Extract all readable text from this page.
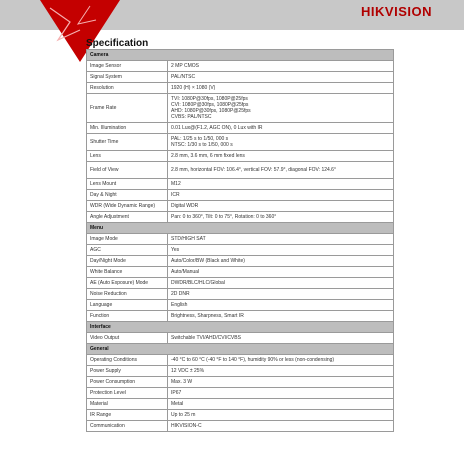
HIKVISION
Specification
Camera	
Image Sensor	2 MP CMOS
Signal System	PAL/NTSC
Resolution	1920 (H) × 1080 (V)
Frame Rate	TVI: 1080P@30fps, 1080P@25fps
CVI: 1080P@30fps, 1080P@25fps
AHD: 1080P@30fps, 1080P@25fps
CVBS: PAL/NTSC
Min. Illumination	0.01 Lux@(F1.2, AGC ON), 0 Lux with IR
Shutter Time	PAL: 1/25 s to 1/50, 000 s
NTSC: 1/30 s to 1/50, 000 s
Lens	2.8 mm, 3.6 mm, 6 mm fixed lens
Field of View	2.8 mm, horizontal FOV: 106.4°, vertical FOV: 57.9°, diagonal FOV: 124.6°

Lens Mount	M12
Day & Night	ICR
WDR (Wide Dynamic Range)	Digital WDR
Angle Adjustment	Pan: 0 to 360°, Tilt: 0 to 75°, Rotation: 0 to 360°
Menu	
Image Mode	STD/HIGH SAT
AGC	Yes
Day/Night Mode	Auto/Color/BW (Black and White)
White Balance	Auto/Manual
AE (Auto Exposure) Mode	DWDR/BLC/HLC/Global
Noise Reduction	2D DNR
Language	English
Function	Brightness, Sharpness, Smart IR
Interface	
Video Output	Switchable TVI/AHD/CVI/CVBS
General	
Operating Conditions	-40 °C to 60 °C (-40 °F to 140 °F), humidity 90% or less (non-condensing)
Power Supply	12 VDC ± 25%
Power Consumption	Max. 3 W
Protection Level	IP67
Material	Metal
IR Range	Up to 25 m
Communication	HIKVISION-C
